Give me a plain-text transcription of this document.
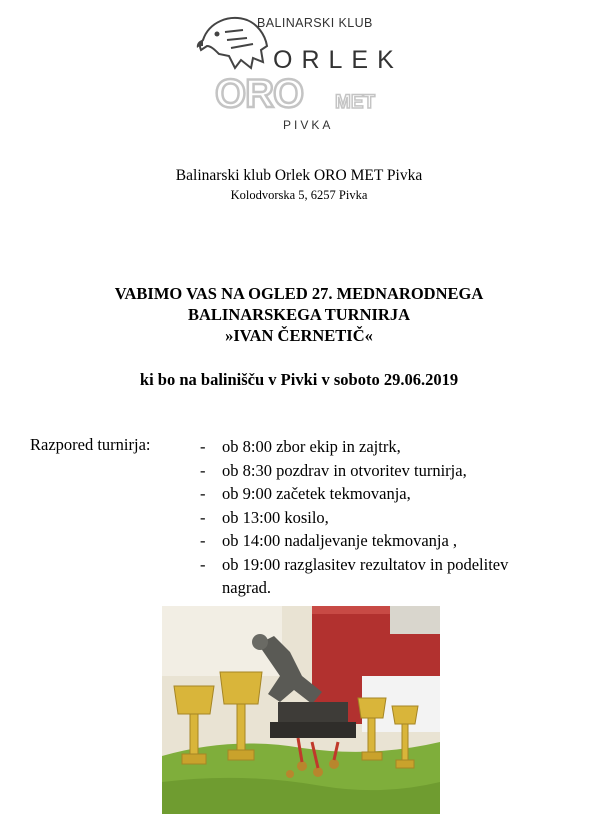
BALINARSKI KLUB
ORLEK
ORO MET
PIVKA
Balinarski klub Orlek ORO MET Pivka
Kolodvorska 5, 6257 Pivka
VABIMO VAS NA OGLED 27. MEDNARODNEGA
BALINARSKEGA TURNIRJA
»IVAN ČERNETIČ«
ki bo na balinišču v Pivki v soboto 29.06.2019
Razpored turnirja:	-	ob 8:00 zbor ekip in zajtrk,
-	ob 8:30 pozdrav in otvoritev turnirja,
-	ob 9:00 začetek tekmovanja,
-	ob 13:00 kosilo,
-	ob 14:00 nadaljevanje tekmovanja ,
-	ob 19:00 razglasitev rezultatov in podelitev nagrad.
